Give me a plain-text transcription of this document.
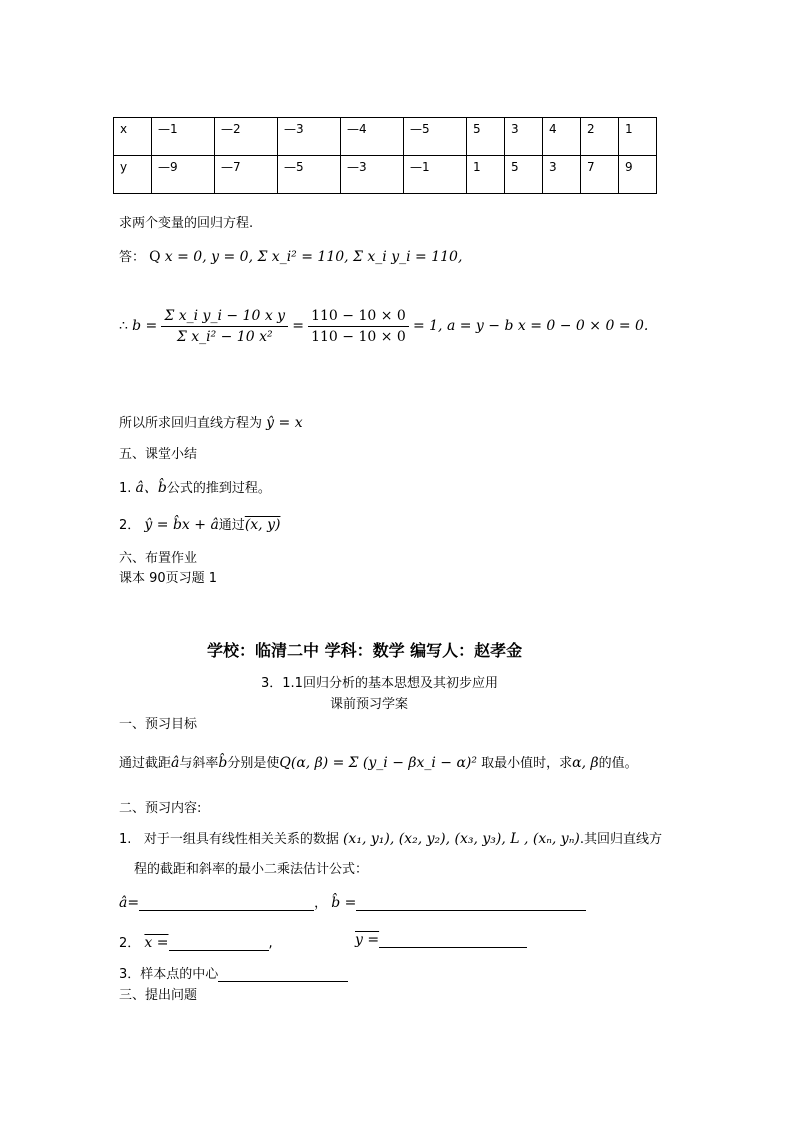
x	—1	—2	—3	—4	—5	5	3	4	2	1
y	—9	—7	—5	—3	—1	1	5	3	7	9
求两个变量的回归方程.
答： Q x = 0, y = 0, Σ x_i² = 110, Σ x_i y_i = 110,
∴ $b = \frac{\text{Σ x\_i y\_i − 10 x y}}{\text{Σ x\_i² − 10 x²}} = \frac{110 - 10 \times 0}{110 - 10 \times 0} = 1$, a = y − b x = 0 − 0 × 0 = 0.
所以所求回归直线方程为 ŷ = x
五、课堂小结
1. â、b̂公式的推到过程。
2． ŷ = b̂x + â通过(x, y)
六、布置作业
课本 90页习题 1
学校：临清二中 学科：数学 编写人：赵孝金
3．1.1回归分析的基本思想及其初步应用
课前预习学案
一、预习目标
通过截距â与斜率b̂分别是使Q(α, β) = Σ (y_i − βx_i − α)² 取最小值时，求α, β的值。
二、预习内容:
1. 对于一组具有线性相关关系的数据 (x₁, y₁), (x₂, y₂), (x₃, y₃), L , (xₙ, yₙ).其回归直线方
程的截距和斜率的最小二乘法估计公式：
â=	， b̂ =
2． x =	,	y =
3．样本点的中心
三、提出问题
